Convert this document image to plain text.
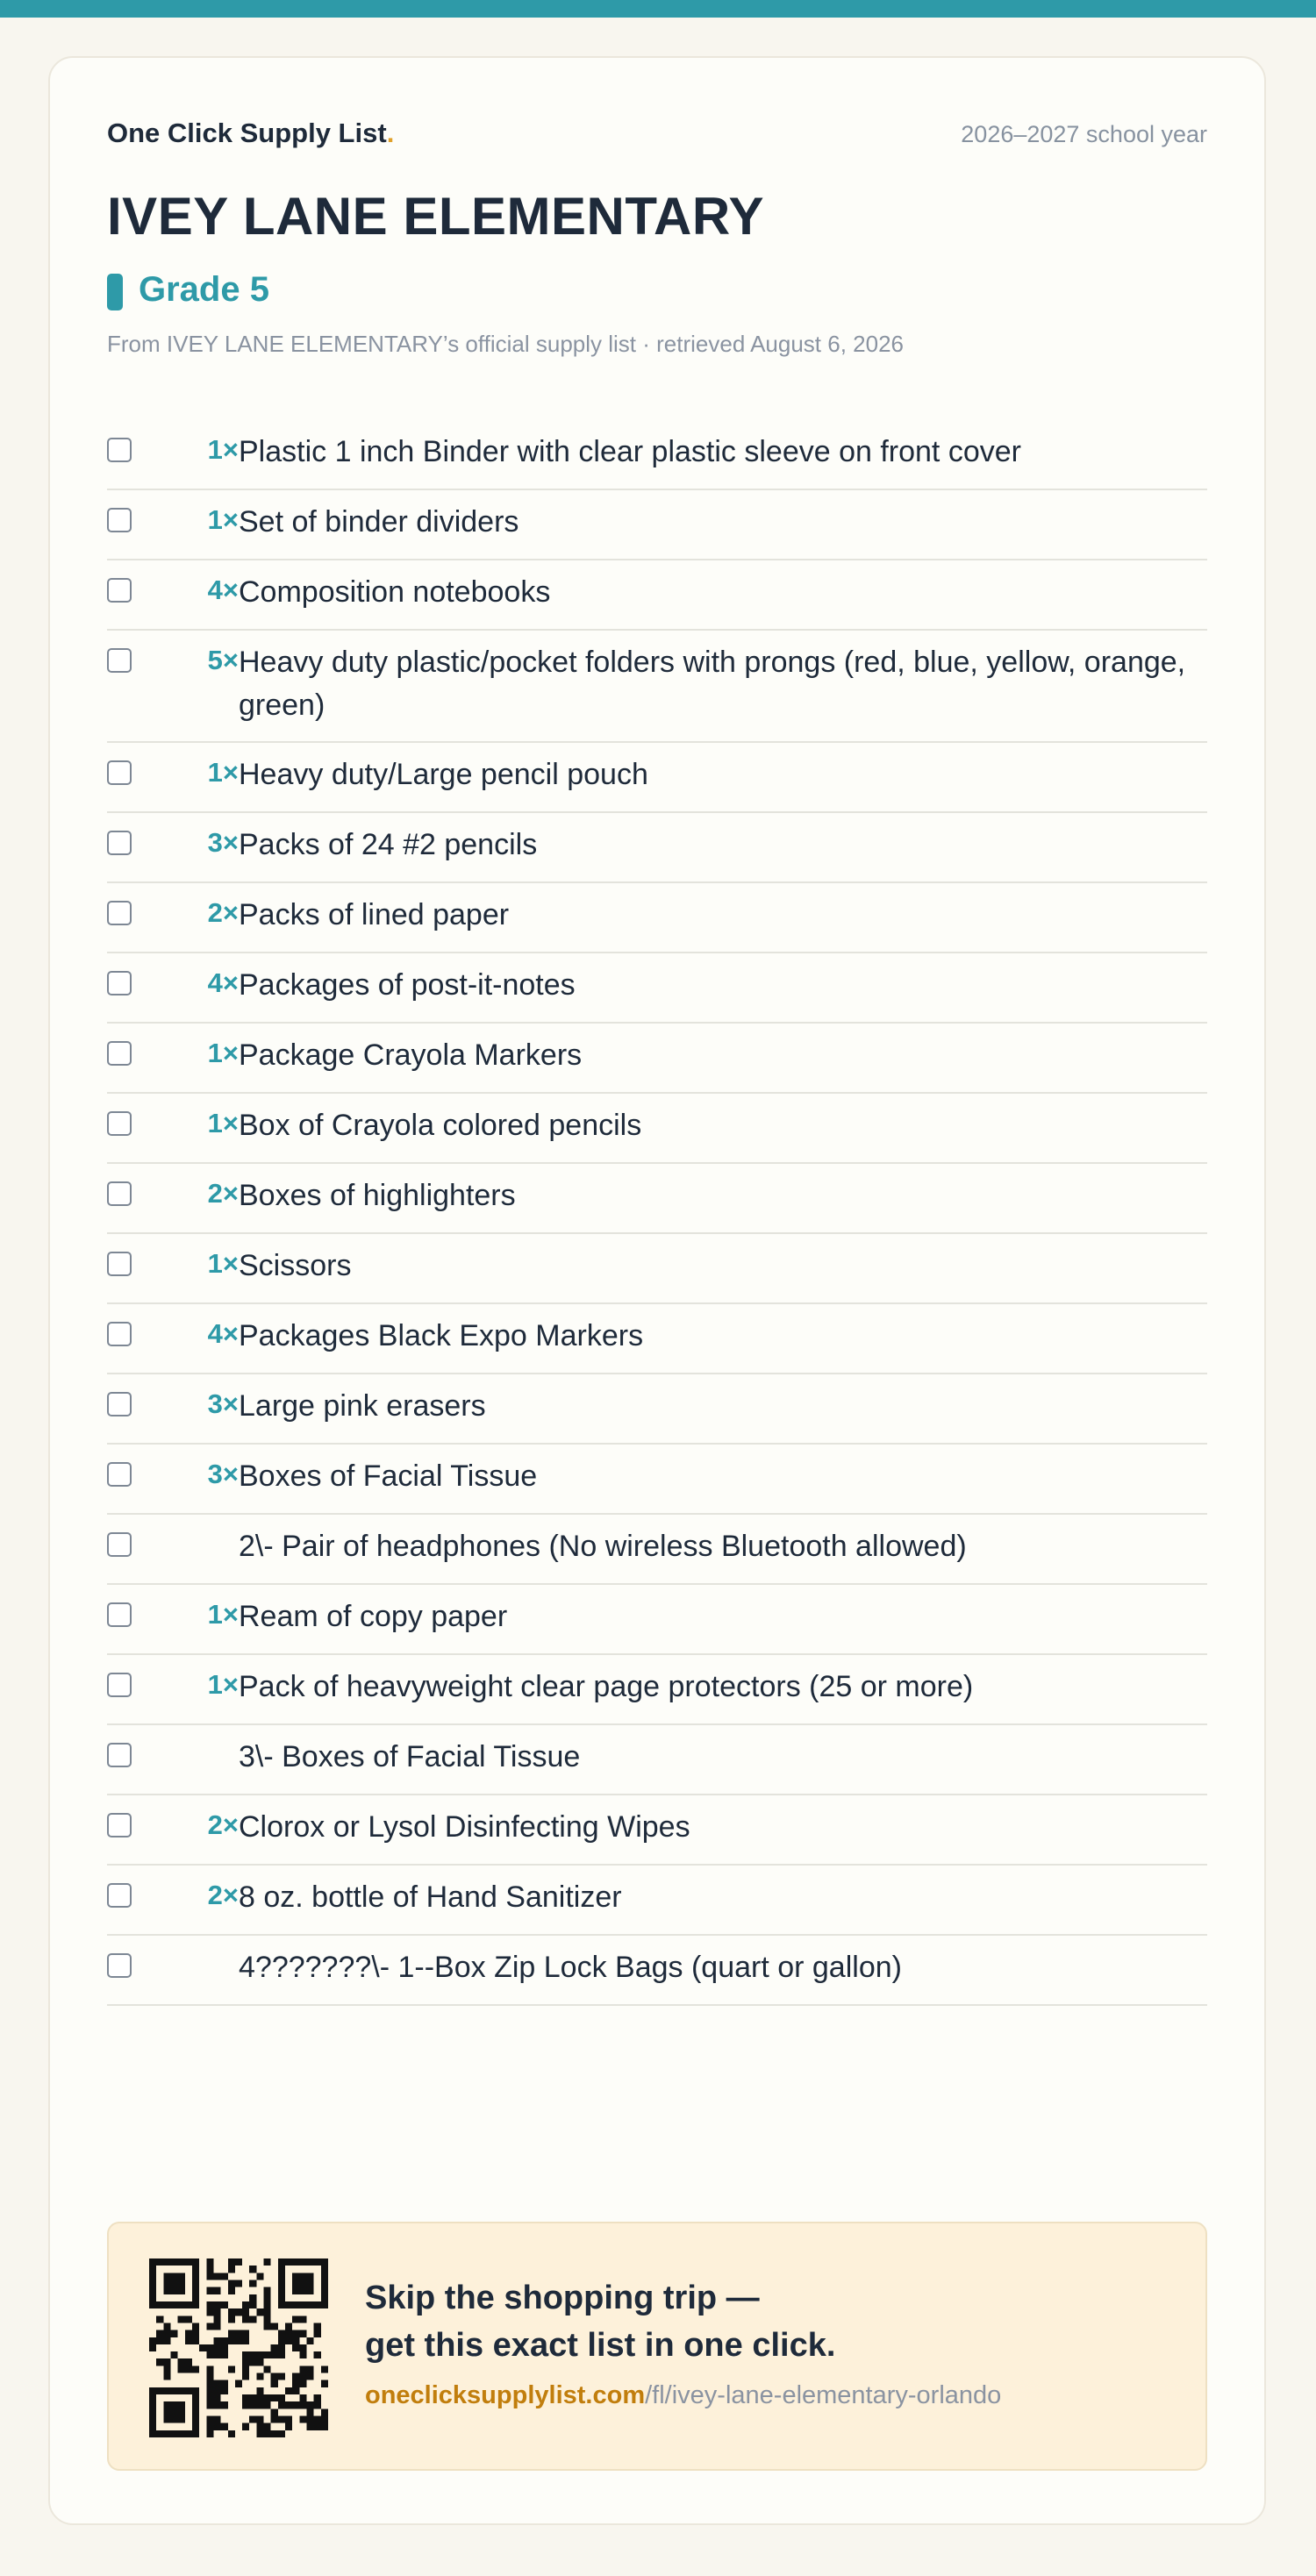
One Click Supply List.	2026–2027 school year
IVEY LANE ELEMENTARY
Grade 5
From IVEY LANE ELEMENTARY’s official supply list · retrieved August 6, 2026
1× Plastic 1 inch Binder with clear plastic sleeve on front cover
1× Set of binder dividers
4× Composition notebooks
5× Heavy duty plastic/pocket folders with prongs (red, blue, yellow, orange, green)
1× Heavy duty/Large pencil pouch
3× Packs of 24 #2 pencils
2× Packs of lined paper
4× Packages of post-it-notes
1× Package Crayola Markers
1× Box of Crayola colored pencils
2× Boxes of highlighters
1× Scissors
4× Packages Black Expo Markers
3× Large pink erasers
3× Boxes of Facial Tissue
2\- Pair of headphones (No wireless Bluetooth allowed)
1× Ream of copy paper
1× Pack of heavyweight clear page protectors (25 or more)
3\- Boxes of Facial Tissue
2× Clorox or Lysol Disinfecting Wipes
2× 8 oz. bottle of Hand Sanitizer
4???????\- 1--Box Zip Lock Bags (quart or gallon)
Skip the shopping trip —
get this exact list in one click.
oneclicksupplylist.com/fl/ivey-lane-elementary-orlando
